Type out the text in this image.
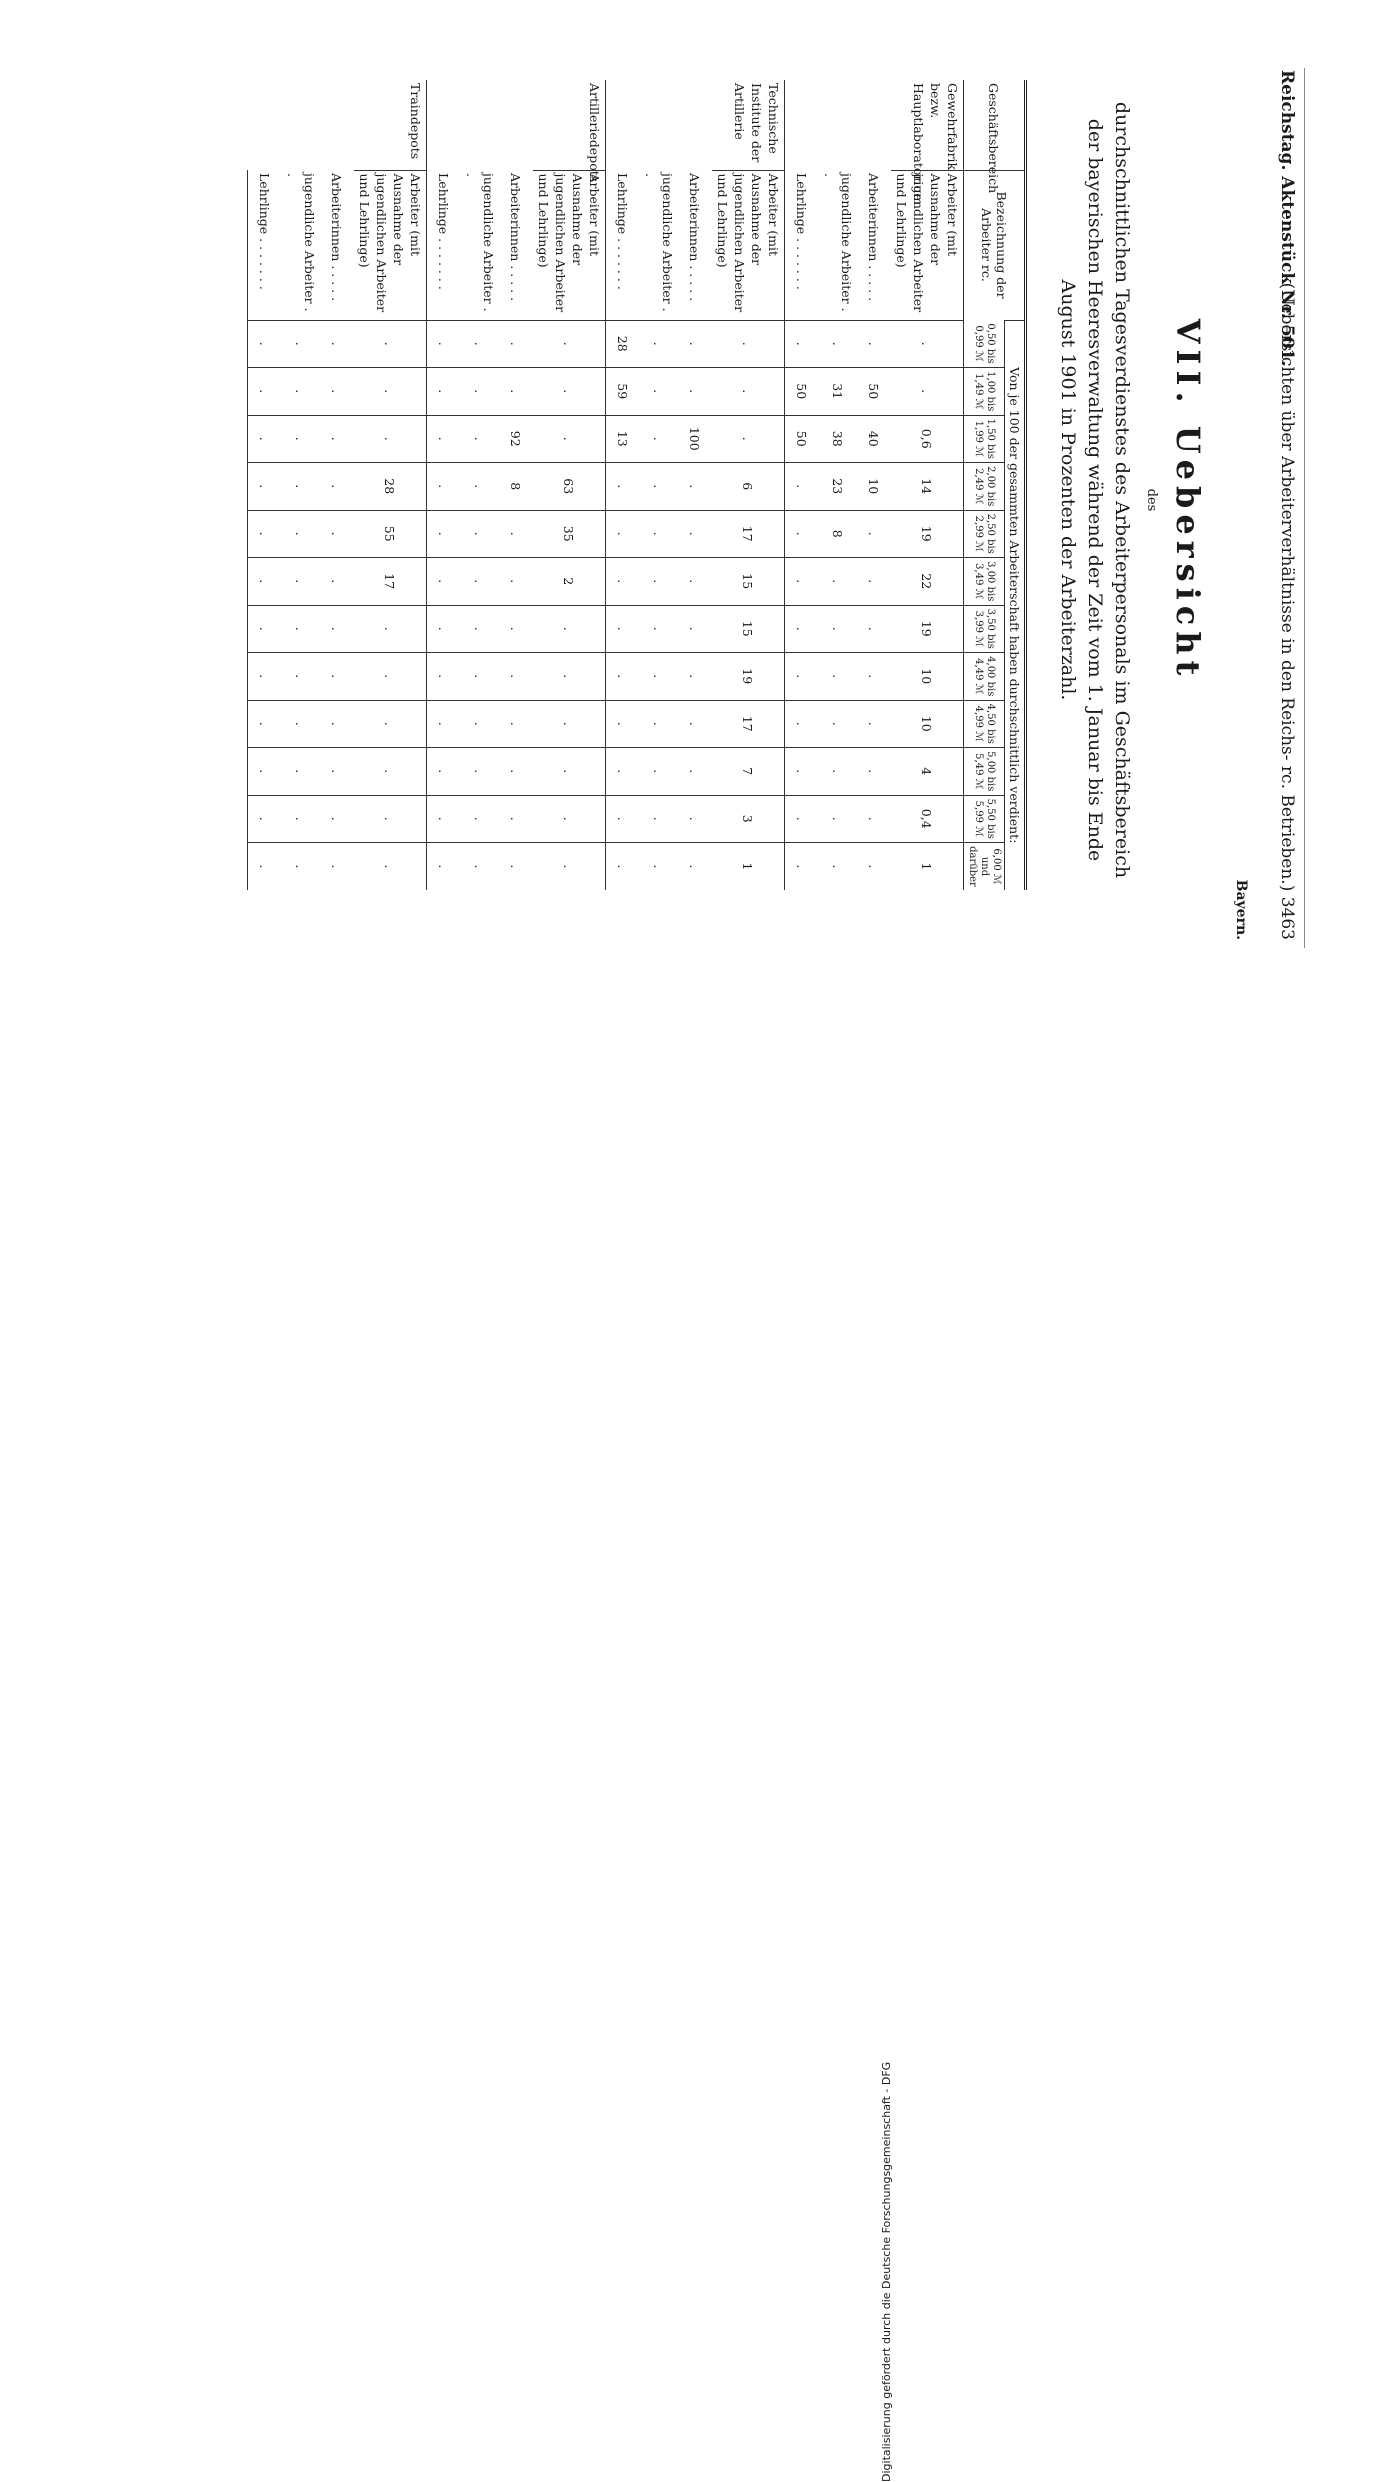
Reichstag. Aktenstück Nr. 501.
(Uebersichten über Arbeiterverhältnisse in den Reichs- rc. Betrieben.) 3463
Bayern.
VII. Uebersicht
des
durchschnittlichen Tagesverdienstes des Arbeiterpersonals im Geschäftsbereich der bayerischen Heeresverwaltung während der Zeit vom 1. Januar bis Ende August 1901 in Prozenten der Arbeiterzahl.
Geschäftsbereich	Bezeichnung der Arbeiter rc.	Von je 100 der gesammten Arbeiterschaft haben durchschnittlich verdient:											
		0,50 bis 0,99 ℳ	1,00 bis 1,49 ℳ	1,50 bis 1,99 ℳ	2,00 bis 2,49 ℳ	2,50 bis 2,99 ℳ	3,00 bis 3,49 ℳ	3,50 bis 3,99 ℳ	4,00 bis 4,49 ℳ	4,50 bis 4,99 ℳ	5,00 bis 5,49 ℳ	5,50 bis 5,99 ℳ	6,00 ℳ und darüber
Gewehrfabrik bezw. Hauptlaboratorium	Arbeiter (mit Ausnahme der jugendlichen Arbeiter und Lehrlinge)	.	.	0,6	14	19	22	19	10	10	4	0,4	1
	Arbeiterinnen . . . . .	.	50	40	10	.	.	.	.	.	.	.	.
	jugendliche Arbeiter . .	.	31	38	23	8	.	.	.	.	.	.	.
	Lehrlinge . . . . . . .	.	50	50	.	.	.	.	.	.	.	.	.
Technische Institute der Artillerie	Arbeiter (mit Ausnahme der jugendlichen Arbeiter und Lehrlinge)	.	.	.	6	17	15	15	19	17	7	3	1
	Arbeiterinnen . . . . .	.	.	100	.	.	.	.	.	.	.	.	.
	jugendliche Arbeiter . .	.	.	.	.	.	.	.	.	.	.	.	.
	Lehrlinge . . . . . . .	28	59	13	.	.	.	.	.	.	.	.	.
Artilleriedepots	Arbeiter (mit Ausnahme der jugendlichen Arbeiter und Lehrlinge)	.	.	.	63	35	2	.	.	.	.	.	.
	Arbeiterinnen . . . . .	.	.	92	8	.	.	.	.	.	.	.	.
	jugendliche Arbeiter . .	.	.	.	.	.	.	.	.	.	.	.	.
	Lehrlinge . . . . . . .	.	.	.	.	.	.	.	.	.	.	.	.
Traindepots	Arbeiter (mit Ausnahme der jugendlichen Arbeiter und Lehrlinge)	.	.	.	28	55	17	.	.	.	.	.	.
	Arbeiterinnen . . . . .	.	.	.	.	.	.	.	.	.	.	.	.
	jugendliche Arbeiter . .	.	.	.	.	.	.	.	.	.	.	.	.
	Lehrlinge . . . . . . .	.	.	.	.	.	.	.	.	.	.	.	.
Digitalisierung gefördert durch die Deutsche Forschungsgemeinschaft - DFG
